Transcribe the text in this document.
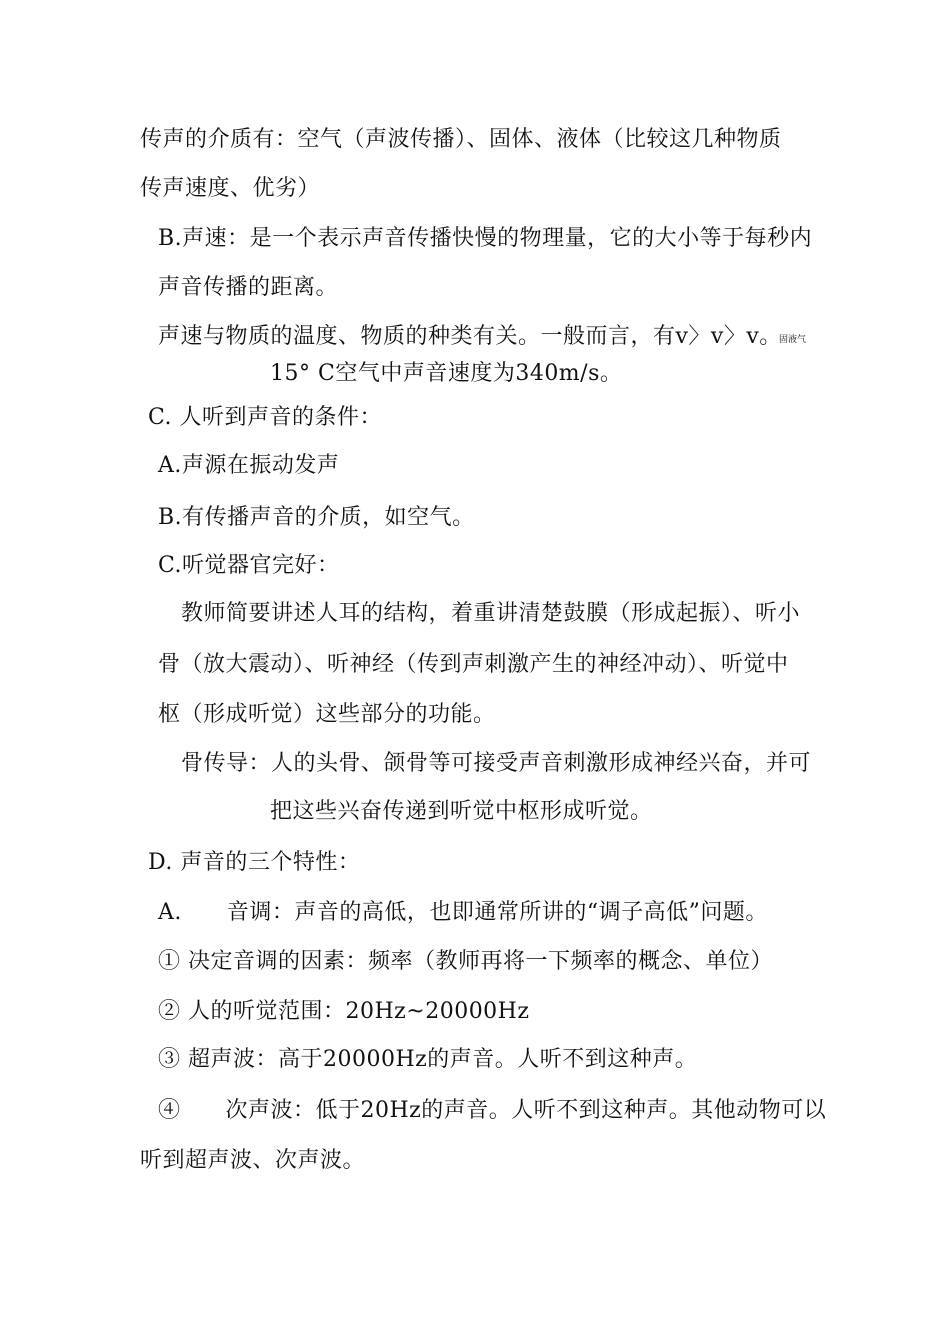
传声的介质有：空气（声波传播）、固体、液体（比较这几种物质
传声速度、优劣）
B.声速：是一个表示声音传播快慢的物理量，它的大小等于每秒内
声音传播的距离。
声速与物质的温度、物质的种类有关。一般而言，有v〉v〉v。
固液气
15° C空气中声音速度为340m/s。
C. 人听到声音的条件：
A.声源在振动发声
B.有传播声音的介质，如空气。
C.听觉器官完好：
教师简要讲述人耳的结构，着重讲清楚鼓膜（形成起振）、听小
骨（放大震动）、听神经（传到声刺激产生的神经冲动）、听觉中
枢（形成听觉）这些部分的功能。
骨传导：人的头骨、颌骨等可接受声音刺激形成神经兴奋，并可
把这些兴奋传递到听觉中枢形成听觉。
D. 声音的三个特性：
A.　　音调：声音的高低，也即通常所讲的“调子高低”问题。
① 决定音调的因素：频率（教师再将一下频率的概念、单位）
② 人的听觉范围：20Hz~20000Hz
③ 超声波：高于20000Hz的声音。人听不到这种声。
④　　次声波：低于20Hz的声音。人听不到这种声。其他动物可以
听到超声波、次声波。
